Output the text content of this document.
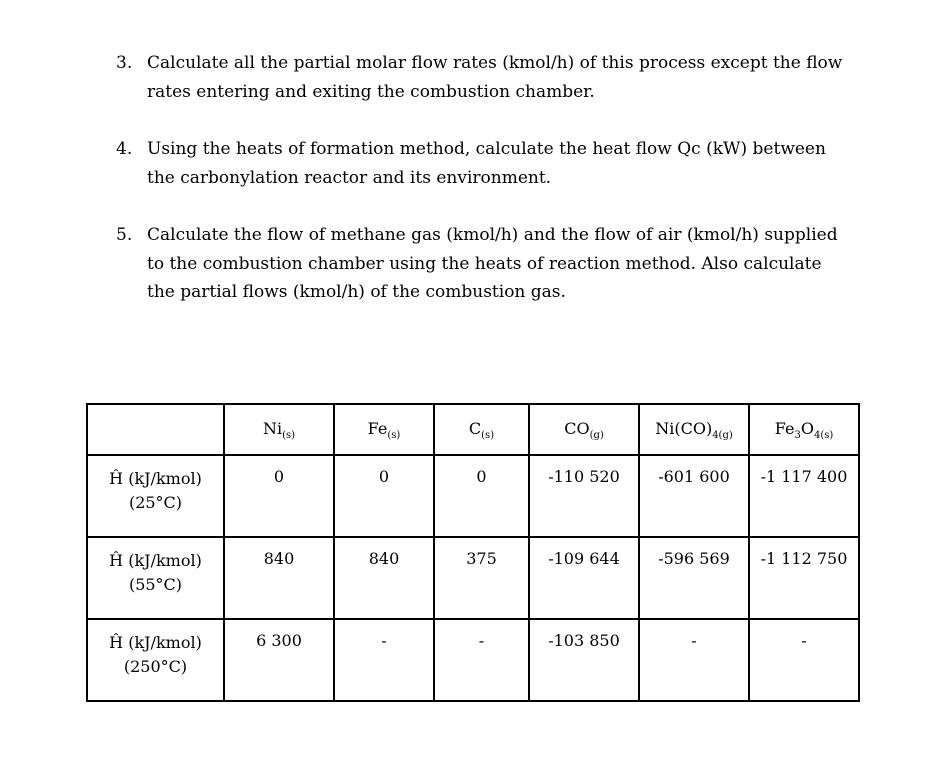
3. Calculate all the partial molar flow rates (kmol/h) of this process except the flow
rates entering and exiting the combustion chamber.
4. Using the heats of formation method, calculate the heat flow Qc (kW) between
the carbonylation reactor and its environment.
5. Calculate the flow of methane gas (kmol/h) and the flow of air (kmol/h) supplied
to the combustion chamber using the heats of reaction method. Also calculate
the partial flows (kmol/h) of the combustion gas.
	$Ni_{(s)}$	$Fe_{(s)}$	$C_{(s)}$	$CO_{(g)}$	$Ni(CO)_{4(g)}$	$Fe_3O_{4(s)}$

Ĥ (kJ/kmol)
(25°C)	0	0	0	-110 520	-601 600	-1 117 400

Ĥ (kJ/kmol)
(55°C)	840	840	375	-109 644	-596 569	-1 112 750

Ĥ (kJ/kmol)
(250°C)	6 300	-	-	-103 850	-	-
